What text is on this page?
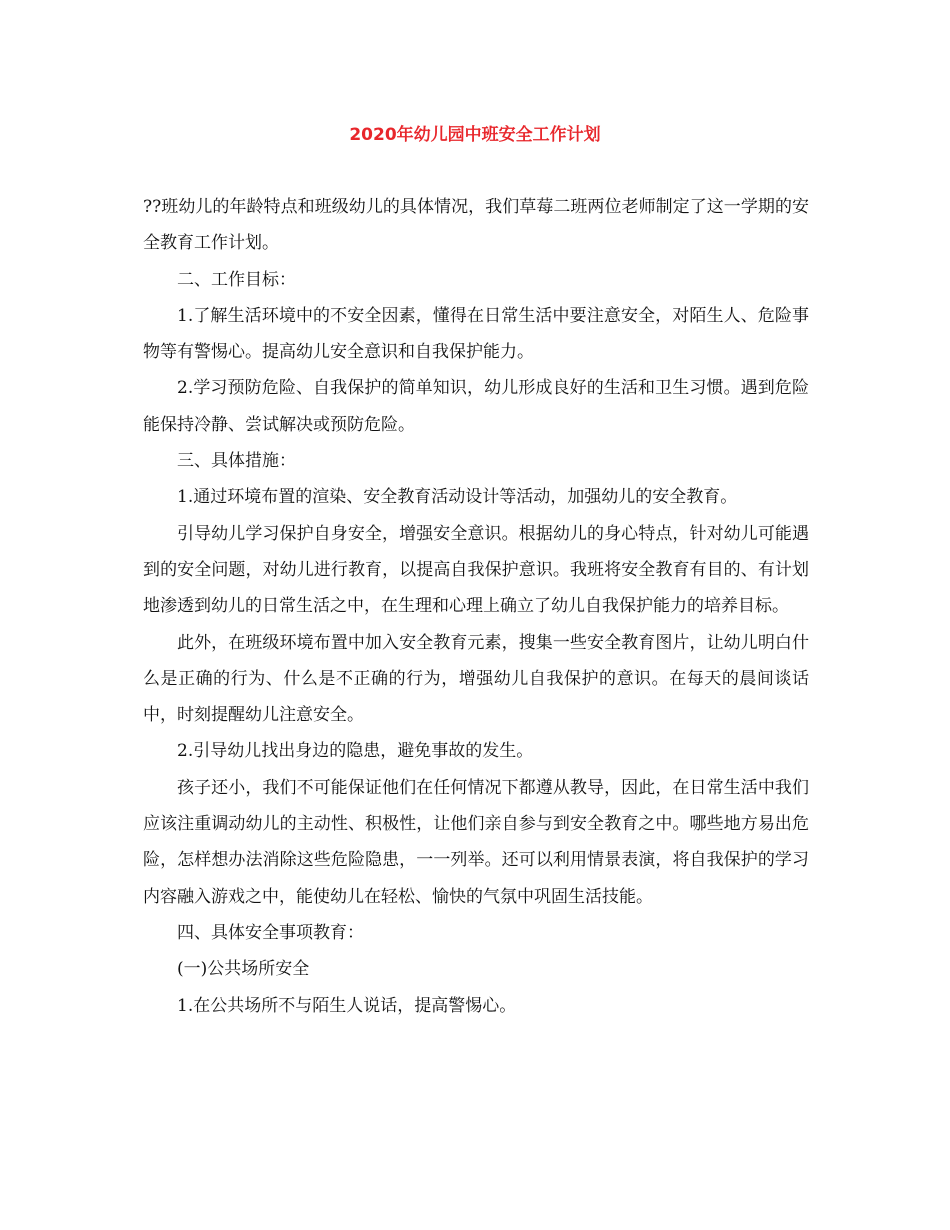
2020年幼儿园中班安全工作计划

??班幼儿的年龄特点和班级幼儿的具体情况，我们草莓二班两位老师制定了这一学期的安全教育工作计划。

二、工作目标：

1.了解生活环境中的不安全因素，懂得在日常生活中要注意安全，对陌生人、危险事物等有警惕心。提高幼儿安全意识和自我保护能力。

2.学习预防危险、自我保护的简单知识，幼儿形成良好的生活和卫生习惯。遇到危险能保持冷静、尝试解决或预防危险。

三、具体措施：

1.通过环境布置的渲染、安全教育活动设计等活动，加强幼儿的安全教育。

引导幼儿学习保护自身安全，增强安全意识。根据幼儿的身心特点，针对幼儿可能遇到的安全问题，对幼儿进行教育，以提高自我保护意识。我班将安全教育有目的、有计划地渗透到幼儿的日常生活之中，在生理和心理上确立了幼儿自我保护能力的培养目标。

此外，在班级环境布置中加入安全教育元素，搜集一些安全教育图片，让幼儿明白什么是正确的行为、什么是不正确的行为，增强幼儿自我保护的意识。在每天的晨间谈话中，时刻提醒幼儿注意安全。

2.引导幼儿找出身边的隐患，避免事故的发生。

孩子还小，我们不可能保证他们在任何情况下都遵从教导，因此，在日常生活中我们应该注重调动幼儿的主动性、积极性，让他们亲自参与到安全教育之中。哪些地方易出危险，怎样想办法消除这些危险隐患，一一列举。还可以利用情景表演，将自我保护的学习内容融入游戏之中，能使幼儿在轻松、愉快的气氛中巩固生活技能。

四、具体安全事项教育：

(一)公共场所安全

1.在公共场所不与陌生人说话，提高警惕心。
